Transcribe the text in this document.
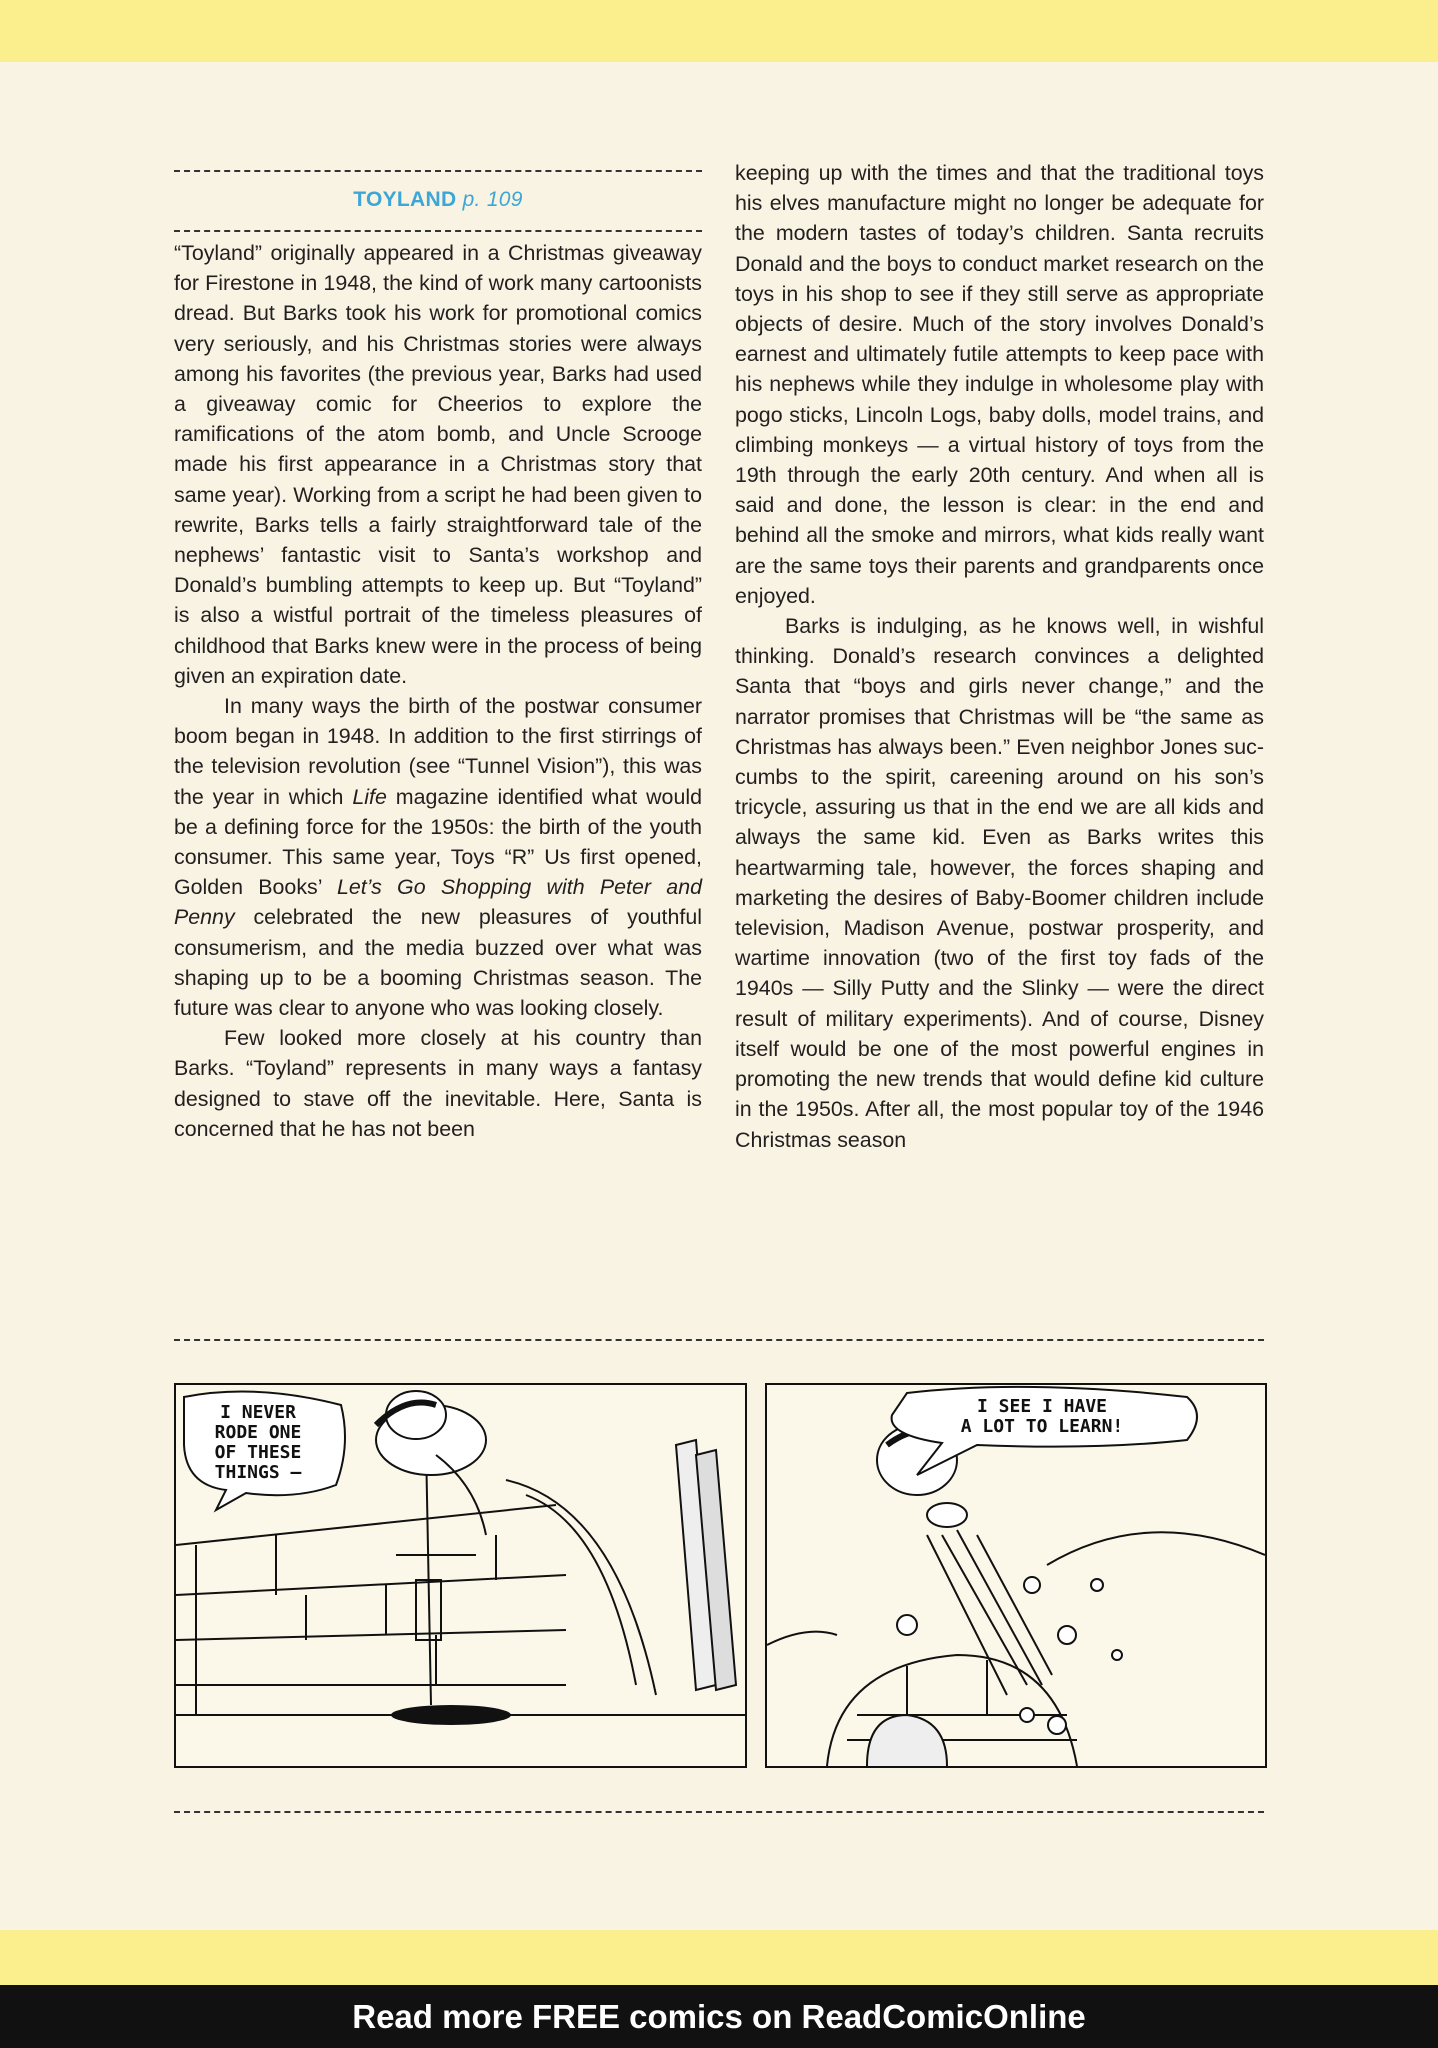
TOYLAND p. 109

“Toyland” originally appeared in a Christmas giveaway for Firestone in 1948, the kind of work many cartoonists dread. But Barks took his work for promotional comics very seriously, and his Christmas stories were always among his favorites (the previous year, Barks had used a giveaway comic for Cheerios to explore the ramifications of the atom bomb, and Uncle Scrooge made his first appearance in a Christmas story that same year). Working from a script he had been given to rewrite, Barks tells a fairly straightforward tale of the nephews’ fantastic visit to Santa’s workshop and Donald’s bumbling attempts to keep up. But “Toyland” is also a wistful portrait of the timeless pleasures of childhood that Barks knew were in the process of being given an expiration date.

In many ways the birth of the postwar consumer boom began in 1948. In addition to the first stirrings of the television revolution (see “Tunnel Vision”), this was the year in which Life magazine identified what would be a defining force for the 1950s: the birth of the youth consumer. This same year, Toys “R” Us first opened, Golden Books’ Let’s Go Shopping with Peter and Penny celebrated the new pleasures of youthful consumerism, and the media buzzed over what was shaping up to be a booming Christmas season. The future was clear to anyone who was looking closely.

Few looked more closely at his country than Barks. “Toyland” represents in many ways a fantasy designed to stave off the inevitable. Here, Santa is concerned that he has not been

keeping up with the times and that the traditional toys his elves manufacture might no longer be adequate for the modern tastes of today’s children. Santa recruits Donald and the boys to conduct market research on the toys in his shop to see if they still serve as appropriate objects of desire. Much of the story involves Donald’s earnest and ultimately futile attempts to keep pace with his nephews while they indulge in wholesome play with pogo sticks, Lincoln Logs, baby dolls, model trains, and climbing monkeys — a virtual history of toys from the 19th through the early 20th century. And when all is said and done, the lesson is clear: in the end and behind all the smoke and mirrors, what kids really want are the same toys their parents and grandparents once enjoyed.

Barks is indulging, as he knows well, in wishful thinking. Donald’s research convinces a delighted Santa that “boys and girls never change,” and the narrator promises that Christmas will be “the same as Christmas has always been.” Even neighbor Jones succumbs to the spirit, careening around on his son’s tricycle, assuring us that in the end we are all kids and always the same kid. Even as Barks writes this heartwarming tale, however, the forces shaping and marketing the desires of Baby-Boomer children include television, Madison Avenue, postwar prosperity, and wartime innovation (two of the first toy fads of the 1940s — Silly Putty and the Slinky — were the direct result of military experiments). And of course, Disney itself would be one of the most powerful engines in promoting the new trends that would define kid culture in the 1950s. After all, the most popular toy of the 1946 Christmas season

I NEVER
RODE ONE
OF THESE
THINGS —
I SEE I HAVE
A LOT TO LEARN!
Read more FREE comics on ReadComicOnline
